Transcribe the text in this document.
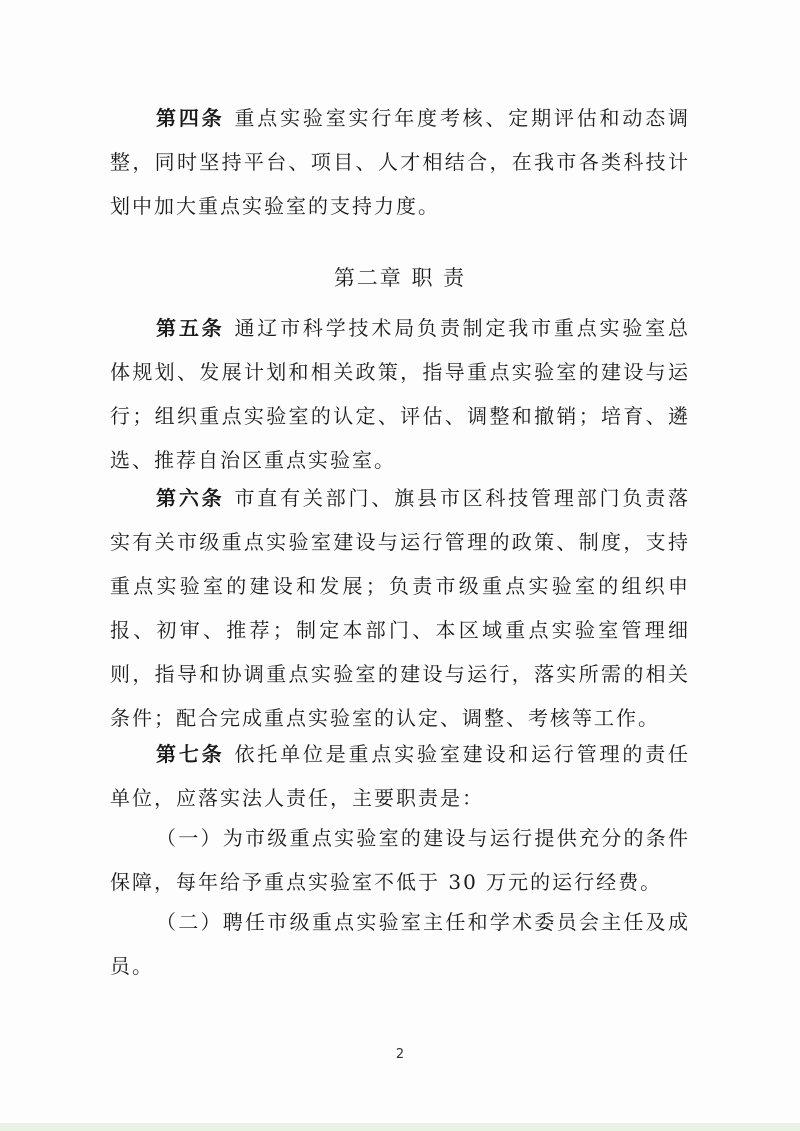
第四条 重点实验室实行年度考核、定期评估和动态调整，同时坚持平台、项目、人才相结合，在我市各类科技计划中加大重点实验室的支持力度。

第二章 职 责

第五条 通辽市科学技术局负责制定我市重点实验室总体规划、发展计划和相关政策，指导重点实验室的建设与运行；组织重点实验室的认定、评估、调整和撤销；培育、遴选、推荐自治区重点实验室。

第六条 市直有关部门、旗县市区科技管理部门负责落实有关市级重点实验室建设与运行管理的政策、制度，支持重点实验室的建设和发展；负责市级重点实验室的组织申报、初审、推荐；制定本部门、本区域重点实验室管理细则，指导和协调重点实验室的建设与运行，落实所需的相关条件；配合完成重点实验室的认定、调整、考核等工作。

第七条 依托单位是重点实验室建设和运行管理的责任单位，应落实法人责任，主要职责是：

（一）为市级重点实验室的建设与运行提供充分的条件保障，每年给予重点实验室不低于 30 万元的运行经费。

（二）聘任市级重点实验室主任和学术委员会主任及成员。

2
